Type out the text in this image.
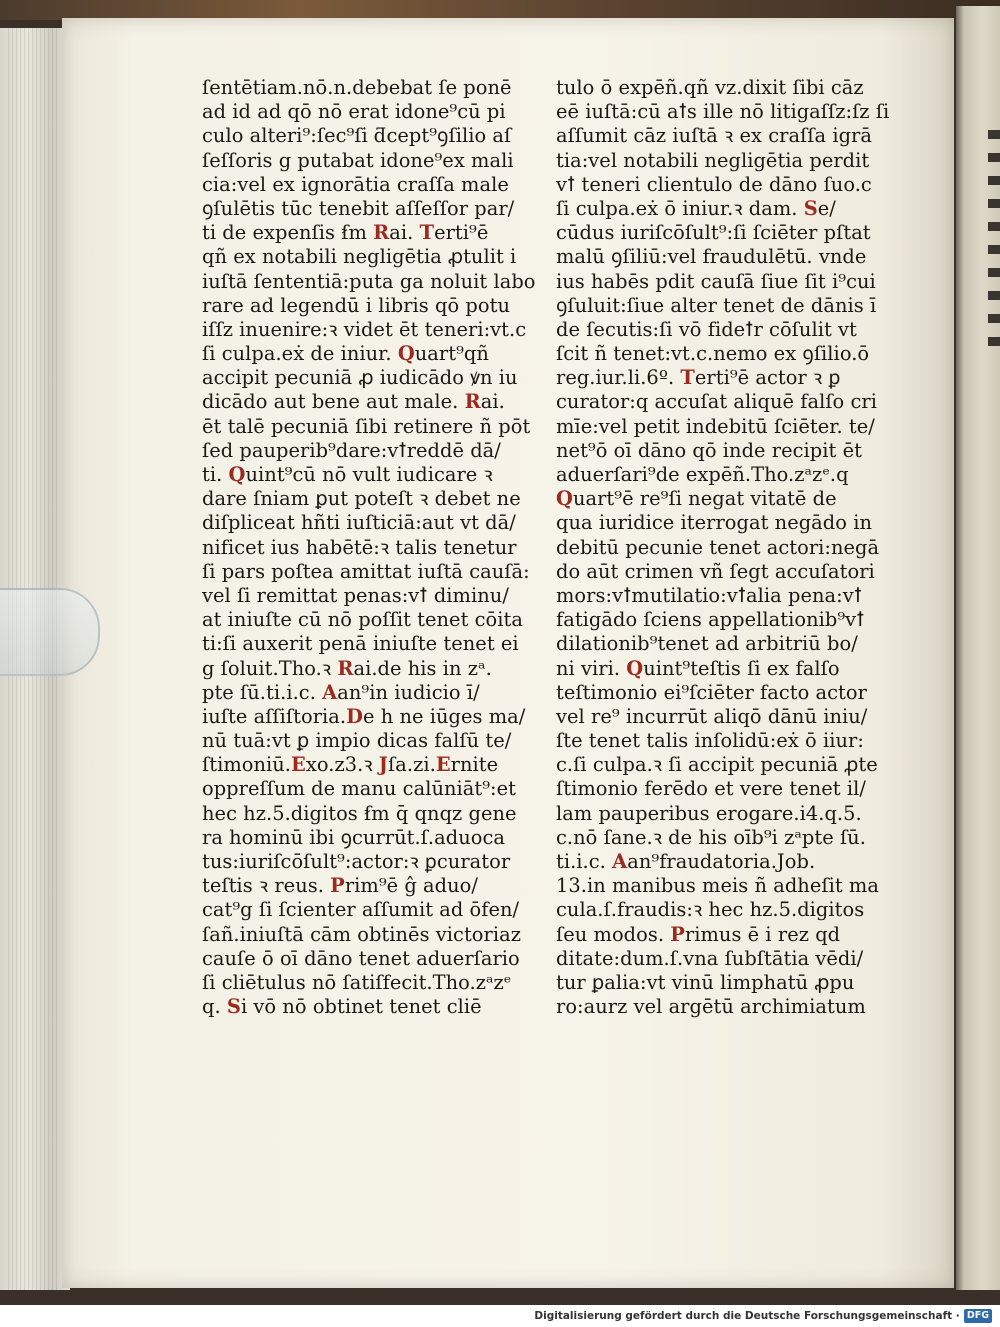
ſentētiam.nō.n.debebat ſe ponē
ad id ad qō nō erat idone⁹cū pi
culo alteri⁹:ſec⁹ſi ƌcept⁹ꝯſilio aſ
ſeſſoris g putabat idone⁹ex mali
cia:vel ex ignorātia craſſa male
ꝯſulētis tūc tenebit aſſeſſor par/
ti de expenſis ẜm Rai. Terti⁹ē
qñ ex notabili negligētia ꝓtulit i
iuſtā ſententiā:puta ga noluit labo
rare ad legendū i libris qō potu
iſſz inuenire:ꝛ videt ēt teneri:vt.c
ſi culpa.eẋ de iniur. Quart⁹qñ
accipit pecuniā ꝓ iudicādo ꝟn iu
dicādo aut bene aut male. Rai.
ēt talē pecuniā ſibi retinere ñ pōt
ſed pauperib⁹dare:vꝉreddē dā/
ti. Quint⁹cū nō vult iudicare ꝛ
dare ſniam ꝑut poteſt ꝛ debet ne
diſpliceat hñti iuſticiā:aut vt dā/
nificet ius habētē:ꝛ talis tenetur
ſi pars poſtea amittat iuſtā cauſā:
vel ſi remittat penas:vꝉ diminu/
at iniuſte cū nō poſſit tenet cōita
ti:ſi auxerit penā iniuſte tenet ei
g ſoluit.Tho.ꝛ Rai.de his in zᵃ.
pte ſū.ti.i.c. Aan⁹in iudicio ī/
iuſte aſſiſtoria.De h ne iūges ma/
nū tuā:vt ꝑ impio dicas falſū te/
ſtimoniū.Exo.z3.ꝛ Jſa.zi.Ernite
oppreſſum de manu calūniāt⁹:et
hec hz.5.digitos ẜm q̄ qnqz gene
ra hominū ibi ꝯcurrūt.ſ.aduoca
tus:iuriſcōſult⁹:actor:ꝛ ꝑcurator
teſtis ꝛ reus. Prim⁹ē ĝ aduo/
cat⁹g ſi ſcienter aſſumit ad ōfen/
ſañ.iniuſtā cām obtinēs victoriaz
cauſe ō oī dāno tenet aduerſario
ſi cliētulus nō ſatiſfecit.Tho.zᵃzᵉ
q. Si vō nō obtinet tenet cliē
tulo ō expēñ.qñ vz.dixit ſibi cāz
eē iuſtā:cū aꝉs ille nō litigaſſz:ſz ſi
aſſumit cāz iuſtā ꝛ ex craſſa igrā
tia:vel notabili negligētia perdit
vꝉ teneri clientulo de dāno ſuo.c
ſi culpa.eẋ ō iniur.ꝛ dam. Se/
cūdus iuriſcōſult⁹:ſi ſciēter pſtat
malū ꝯſiliū:vel fraudulētū. vnde
ius habēs pdit cauſā ſiue ſit i⁹cui
ꝯſuluit:ſiue alter tenet de dānis ī
de ſecutis:ſi vō fideꝉr cōſulit vt
ſcit ñ tenet:vt.c.nemo ex ꝯſilio.ō
reg.iur.li.6º. Terti⁹ē actor ꝛ ꝑ
curator:q accuſat aliquē falſo cri
mīe:vel petit indebitū ſciēter. te/
net⁹ō oī dāno qō inde recipit ēt
aduerſari⁹de expēñ.Tho.zᵃzᵉ.q
Quart⁹ē re⁹ſi negat vitatē de
qua iuridice iterrogat negādo in
debitū pecunie tenet actori:negā
do aūt crimen vñ ſegt accuſatori
mors:vꝉmutilatio:vꝉalia pena:vꝉ
fatigādo ſciens appellationib⁹vꝉ
dilationib⁹tenet ad arbitriū bo/
ni viri. Quint⁹teſtis ſi ex falſo
teſtimonio ei⁹ſciēter facto actor
vel re⁹ incurrūt aliqō dānū iniu/
ſte tenet talis inſolidū:eẋ ō iiur:
c.ſi culpa.ꝛ ſi accipit pecuniā ꝓte
ſtimonio ferēdo et vere tenet il/
lam pauperibus erogare.i4.q.5.
c.nō ſane.ꝛ de his oīb⁹i zᵃpte ſū.
ti.i.c. Aan⁹fraudatoria.Job.
13.in manibus meis ñ adheſit ma
cula.ſ.fraudis:ꝛ hec hz.5.digitos
ſeu modos. Primus ē i rez qd
ditate:dum.ſ.vna ſubſtātia vēdi/
tur ꝑalia:vt vinū limphatū ꝓpu
ro:aurz vel argētū archimiatum
Digitalisierung gefördert durch die Deutsche Forschungsgemeinschaft · DFG
